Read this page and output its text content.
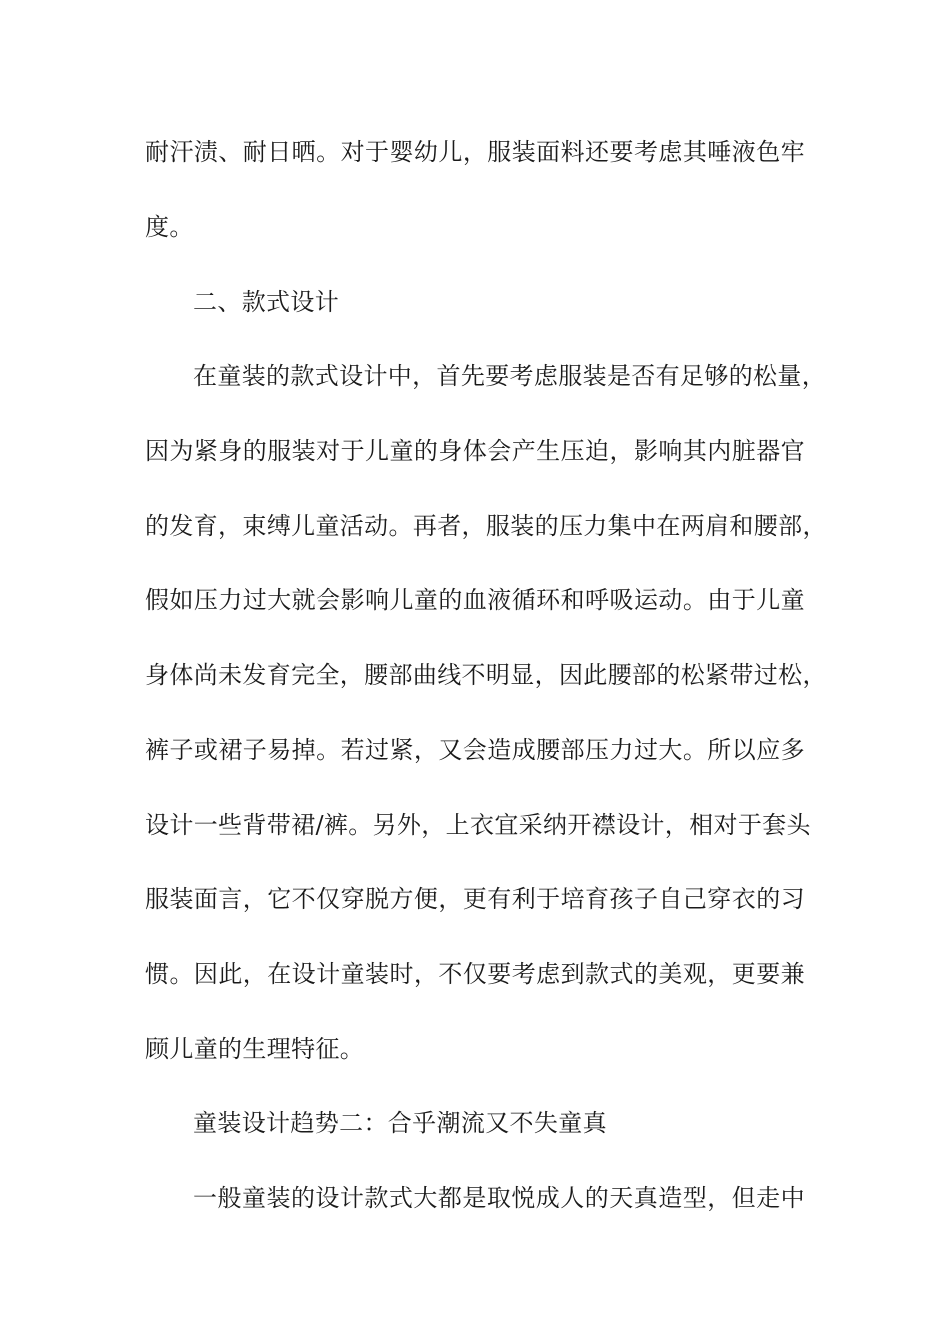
耐汗渍、耐日晒。对于婴幼儿，服装面料还要考虑其唾液色牢
度。
二、款式设计
在童装的款式设计中，首先要考虑服装是否有足够的松量，
因为紧身的服装对于儿童的身体会产生压迫，影响其内脏器官
的发育，束缚儿童活动。再者，服装的压力集中在两肩和腰部，
假如压力过大就会影响儿童的血液循环和呼吸运动。由于儿童
身体尚未发育完全，腰部曲线不明显，因此腰部的松紧带过松，
裤子或裙子易掉。若过紧，又会造成腰部压力过大。所以应多
设计一些背带裙/裤。另外，上衣宜采纳开襟设计，相对于套头
服装面言，它不仅穿脱方便，更有利于培育孩子自己穿衣的习
惯。因此，在设计童装时，不仅要考虑到款式的美观，更要兼
顾儿童的生理特征。
童装设计趋势二：合乎潮流又不失童真
一般童装的设计款式大都是取悦成人的天真造型，但走中
